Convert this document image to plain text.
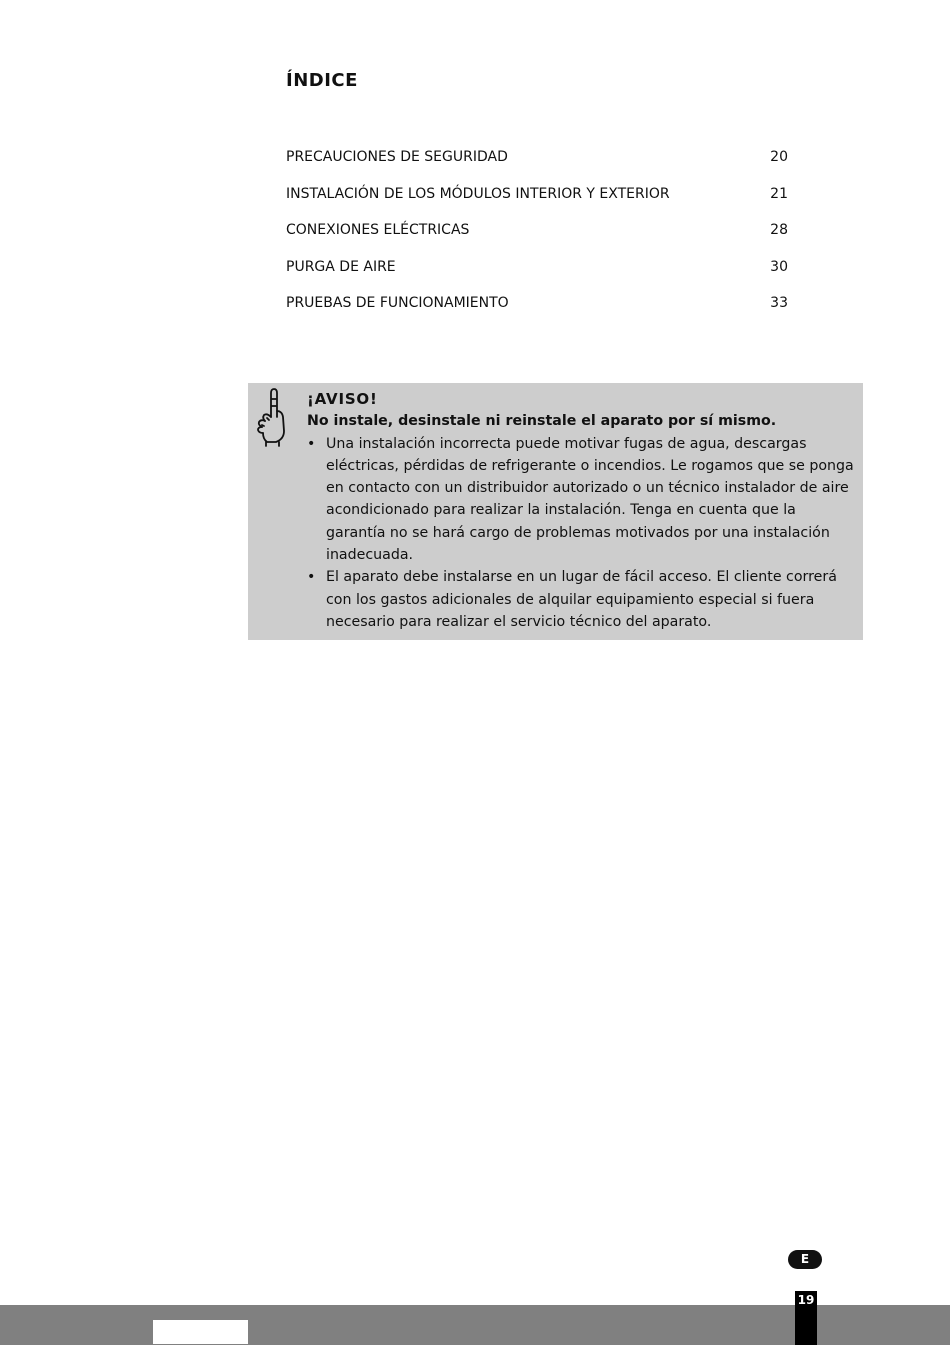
ÍNDICE
PRECAUCIONES DE SEGURIDAD	20
INSTALACIÓN DE LOS MÓDULOS INTERIOR Y EXTERIOR	21
CONEXIONES ELÉCTRICAS	28
PURGA DE AIRE	30
PRUEBAS DE FUNCIONAMIENTO	33
¡AVISO!
No instale, desinstale ni reinstale el aparato por sí mismo.
• Una instalación incorrecta puede motivar fugas de agua, descargas eléctricas, pérdidas de refrigerante o incendios. Le rogamos que se ponga en contacto con un distribuidor autorizado o un técnico instalador de aire acondicionado para realizar la instalación. Tenga en cuenta que la garantía no se hará cargo de problemas motivados por una instalación inadecuada.
• El aparato debe instalarse en un lugar de fácil acceso. El cliente correrá con los gastos adicionales de alquilar equipamiento especial si fuera necesario para realizar el servicio técnico del aparato.
E
19
